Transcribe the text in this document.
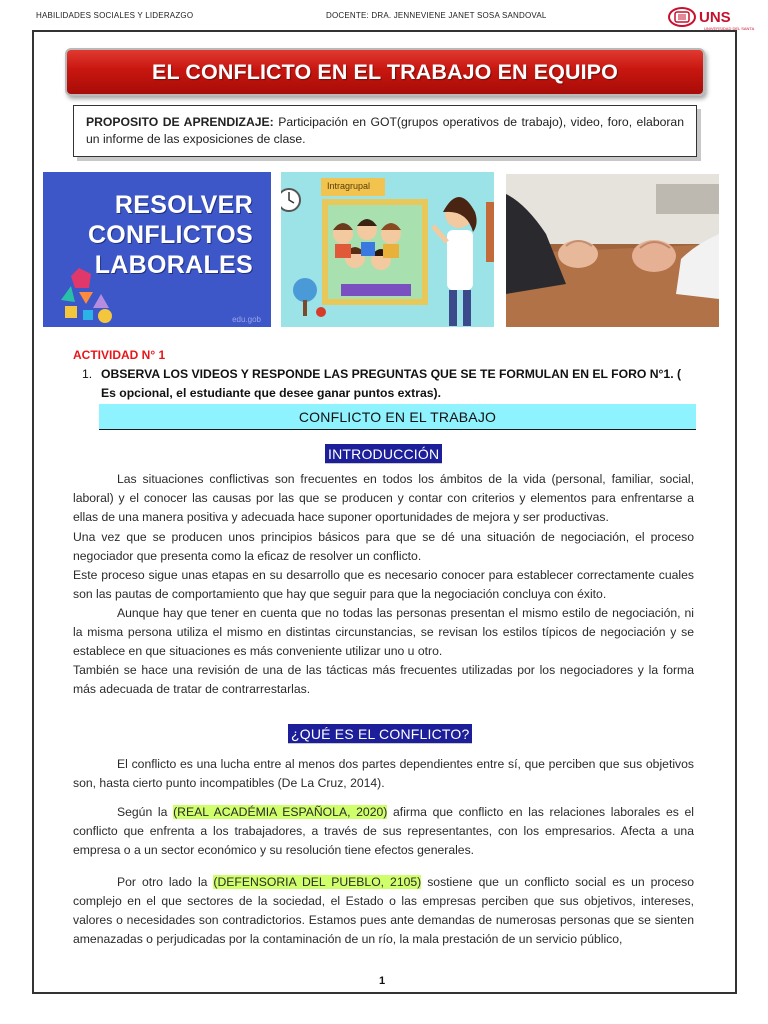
HABILIDADES SOCIALES Y LIDERAZGO	DOCENTE: DRA. JENNEVIENE JANET SOSA SANDOVAL	UNS
UNIVERSIDAD DEL SANTA
EL CONFLICTO EN EL TRABAJO EN EQUIPO
PROPOSITO DE APRENDIZAJE: Participación en GOT(grupos operativos de trabajo), video, foro, elaboran un informe de las exposiciones de clase.
RESOLVER
CONFLICTOS
LABORALES
edu.gob
Intragrupal
ACTIVIDAD N° 1
1. OBSERVA LOS VIDEOS Y RESPONDE LAS PREGUNTAS QUE SE TE FORMULAN EN EL FORO N°1. ( Es opcional, el estudiante que desee ganar puntos extras).
CONFLICTO EN EL TRABAJO
INTRODUCCIÓN
Las situaciones conflictivas son frecuentes en todos los ámbitos de la vida (personal, familiar, social, laboral) y el conocer las causas por las que se producen y contar con criterios y elementos para enfrentarse a ellas de una manera positiva y adecuada hace suponer oportunidades de mejora y ser productivas.
Una vez que se producen unos principios básicos para que se dé una situación de negociación, el proceso negociador que presenta como la eficaz de resolver un conflicto.
Este proceso sigue unas etapas en su desarrollo que es necesario conocer para establecer correctamente cuales son las pautas de comportamiento que hay que seguir para que la negociación concluya con éxito.
Aunque hay que tener en cuenta que no todas las personas presentan el mismo estilo de negociación, ni la misma persona utiliza el mismo en distintas circunstancias, se revisan los estilos típicos de negociación y se establece en que situaciones es más conveniente utilizar uno u otro.
También se hace una revisión de una de las tácticas más frecuentes utilizadas por los negociadores y la forma más adecuada de tratar de contrarrestarlas.
¿QUÉ ES EL CONFLICTO?
El conflicto es una lucha entre al menos dos partes dependientes entre sí, que perciben que sus objetivos son, hasta cierto punto incompatibles (De La Cruz, 2014).
Según la (REAL ACADÉMIA ESPAÑOLA, 2020) afirma que conflicto en las relaciones laborales es el conflicto que enfrenta a los trabajadores, a través de sus representantes, con los empresarios. Afecta a una empresa o a un sector económico y su resolución tiene efectos generales.
Por otro lado la (DEFENSORIA DEL PUEBLO, 2105) sostiene que un conflicto social es un proceso complejo en el que sectores de la sociedad, el Estado o las empresas perciben que sus objetivos, intereses, valores o necesidades son contradictorios. Estamos pues ante demandas de numerosas personas que se sienten amenazadas o perjudicadas por la contaminación de un río, la mala prestación de un servicio público,
1
